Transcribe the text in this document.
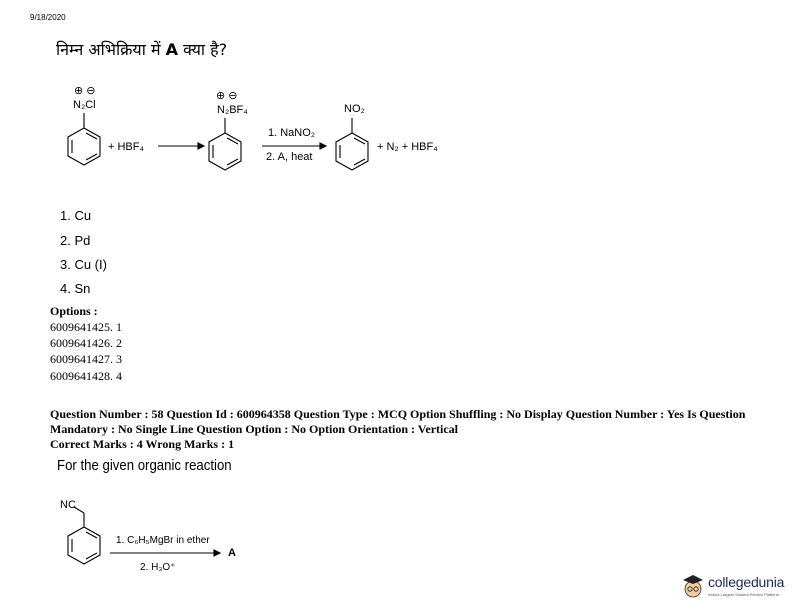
9/18/2020
निम्न अभिक्रिया में A क्या है?
⊕ ⊖
N₂Cl
+ HBF₄
⊕ ⊖
N₂BF₄
1. NaNO₂
2. A, heat
NO₂
+ N₂ + HBF₄
NC
1. C₆H₅MgBr in ether
2. H₃O⁺
A
1. Cu
2. Pd
3. Cu (I)
4. Sn
Options :
6009641425. 1
6009641426. 2
6009641427. 3
6009641428. 4
Question Number : 58 Question Id : 600964358 Question Type : MCQ Option Shuffling : No Display Question Number : Yes Is Question
Mandatory : No Single Line Question Option : No Option Orientation : Vertical
Correct Marks : 4 Wrong Marks : 1
For the given organic reaction
collegedunia
India's Largest Student Review Platform
